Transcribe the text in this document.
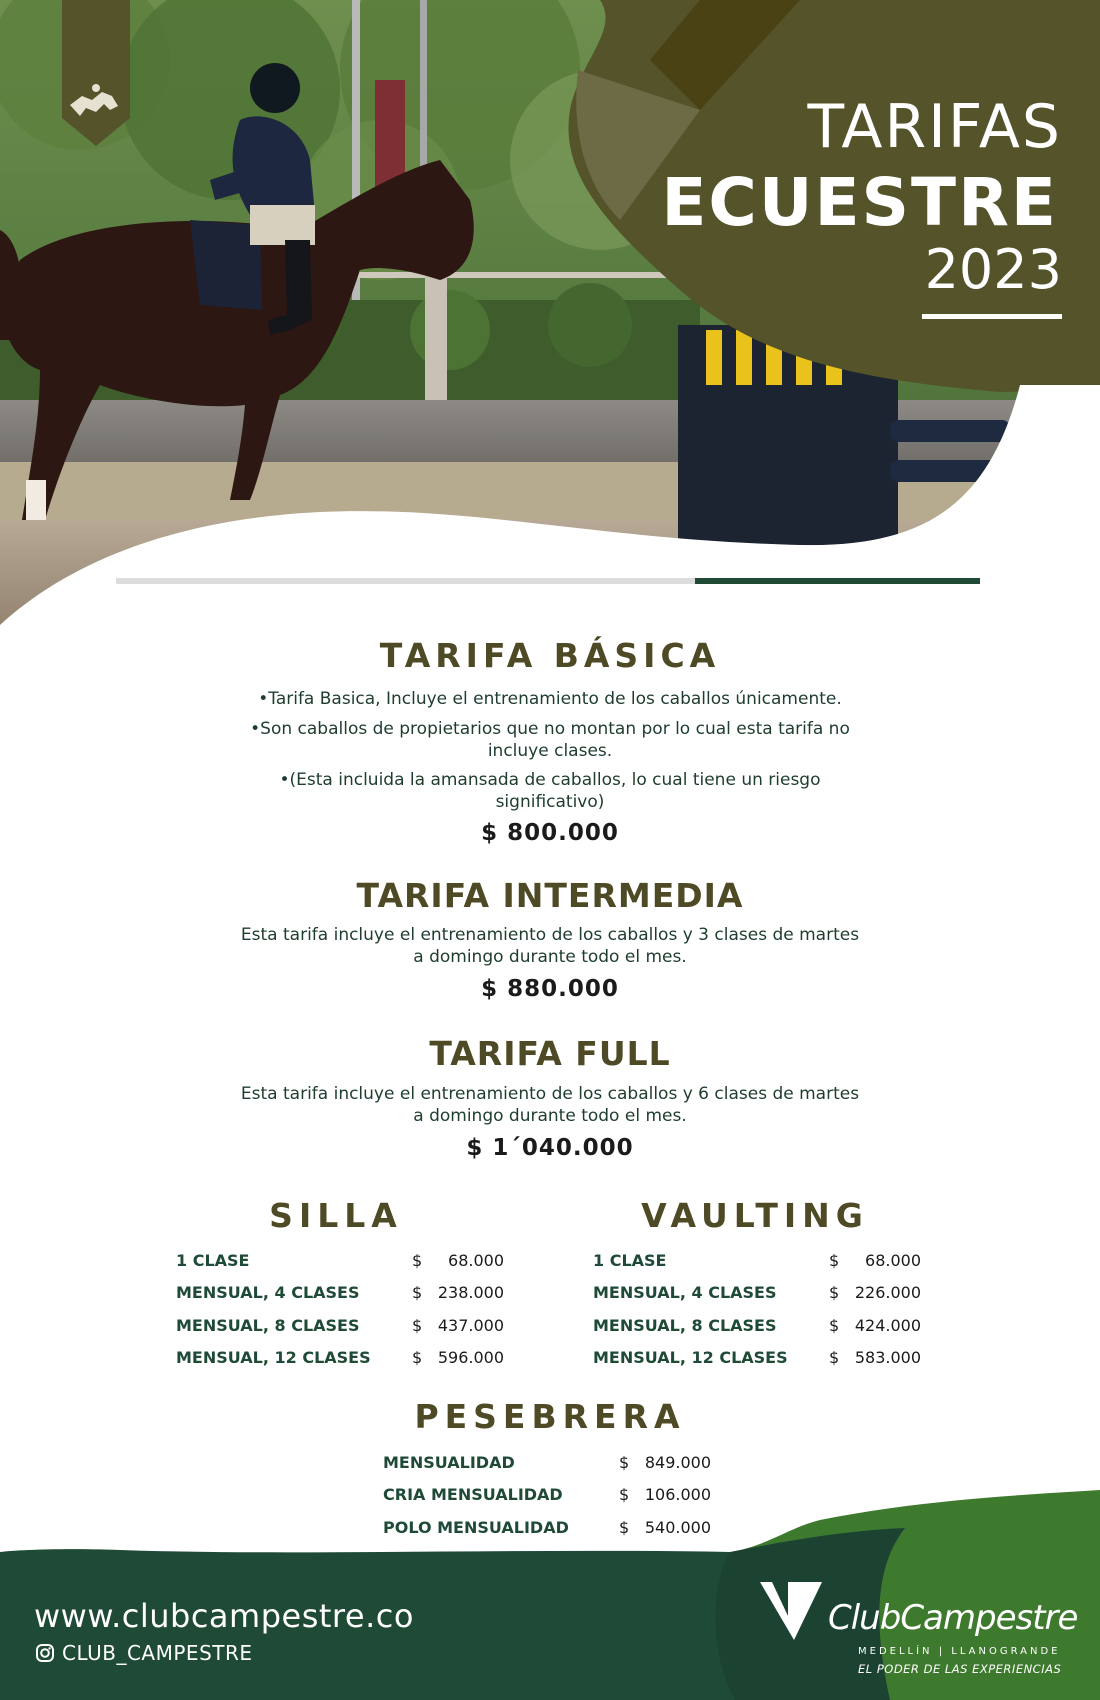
TARIFAS
ECUESTRE
2023
TARIFA BÁSICA
•Tarifa Basica, Incluye el entrenamiento de los caballos únicamente.
•Son caballos de propietarios que no montan por lo cual esta tarifa no incluye clases.
•(Esta incluida la amansada de caballos, lo cual tiene un riesgo significativo)
$ 800.000
TARIFA INTERMEDIA
Esta tarifa incluye el entrenamiento de los caballos y 3 clases de martes a domingo durante todo el mes.
$ 880.000
TARIFA FULL
Esta tarifa incluye el entrenamiento de los caballos y 6 clases de martes a domingo durante todo el mes.
$ 1´040.000
SILLA
1 CLASE	$	68.000
MENSUAL, 4 CLASES	$	238.000
MENSUAL, 8 CLASES	$	437.000
MENSUAL, 12 CLASES	$	596.000
VAULTING
1 CLASE	$	68.000
MENSUAL, 4 CLASES	$	226.000
MENSUAL, 8 CLASES	$	424.000
MENSUAL, 12 CLASES	$	583.000
PESEBRERA
MENSUALIDAD	$	849.000
CRIA MENSUALIDAD	$	106.000
POLO MENSUALIDAD	$	540.000
www.clubcampestre.co
CLUB_CAMPESTRE
ClubCampestre
MEDELLÍN | LLANOGRANDE
EL PODER DE LAS EXPERIENCIAS
